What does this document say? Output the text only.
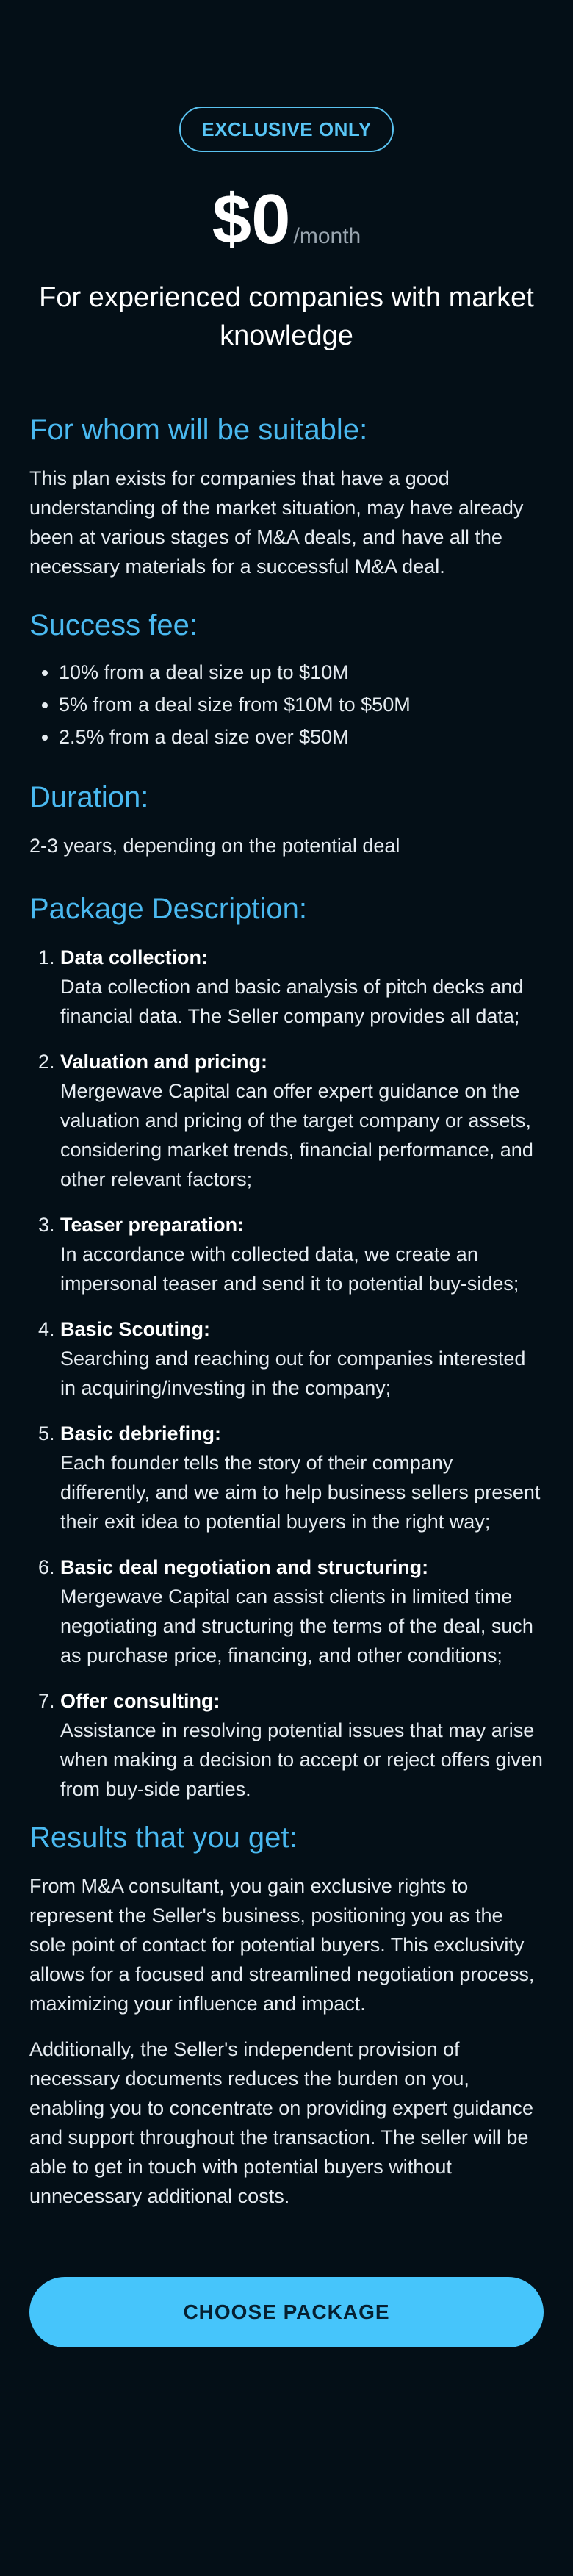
EXCLUSIVE ONLY
$0 /month
For experienced companies with market knowledge
For whom will be suitable:

This plan exists for companies that have a good understanding of the market situation, may have already been at various stages of M&A deals, and have all the necessary materials for a successful M&A deal.

Success fee:
• 10% from a deal size up to $10M
• 5% from a deal size from $10M to $50M
• 2.5% from a deal size over $50M
Duration:

2-3 years, depending on the potential deal

Package Description:
1. Data collection:
Data collection and basic analysis of pitch decks and financial data. The Seller company provides all data;
2. Valuation and pricing:
Mergewave Capital can offer expert guidance on the valuation and pricing of the target company or assets, considering market trends, financial performance, and other relevant factors;
3. Teaser preparation:
In accordance with collected data, we create an impersonal teaser and send it to potential buy-sides;
4. Basic Scouting:
Searching and reaching out for companies interested in acquiring/investing in the company;
5. Basic debriefing:
Each founder tells the story of their company differently, and we aim to help business sellers present their exit idea to potential buyers in the right way;
6. Basic deal negotiation and structuring:
Mergewave Capital can assist clients in limited time negotiating and structuring the terms of the deal, such as purchase price, financing, and other conditions;
7. Offer consulting:
Assistance in resolving potential issues that may arise when making a decision to accept or reject offers given from buy-side parties.
Results that you get:

From M&A consultant, you gain exclusive rights to represent the Seller's business, positioning you as the sole point of contact for potential buyers. This exclusivity allows for a focused and streamlined negotiation process, maximizing your influence and impact.

Additionally, the Seller's independent provision of necessary documents reduces the burden on you, enabling you to concentrate on providing expert guidance and support throughout the transaction. The seller will be able to get in touch with potential buyers without unnecessary additional costs.

CHOOSE PACKAGE
